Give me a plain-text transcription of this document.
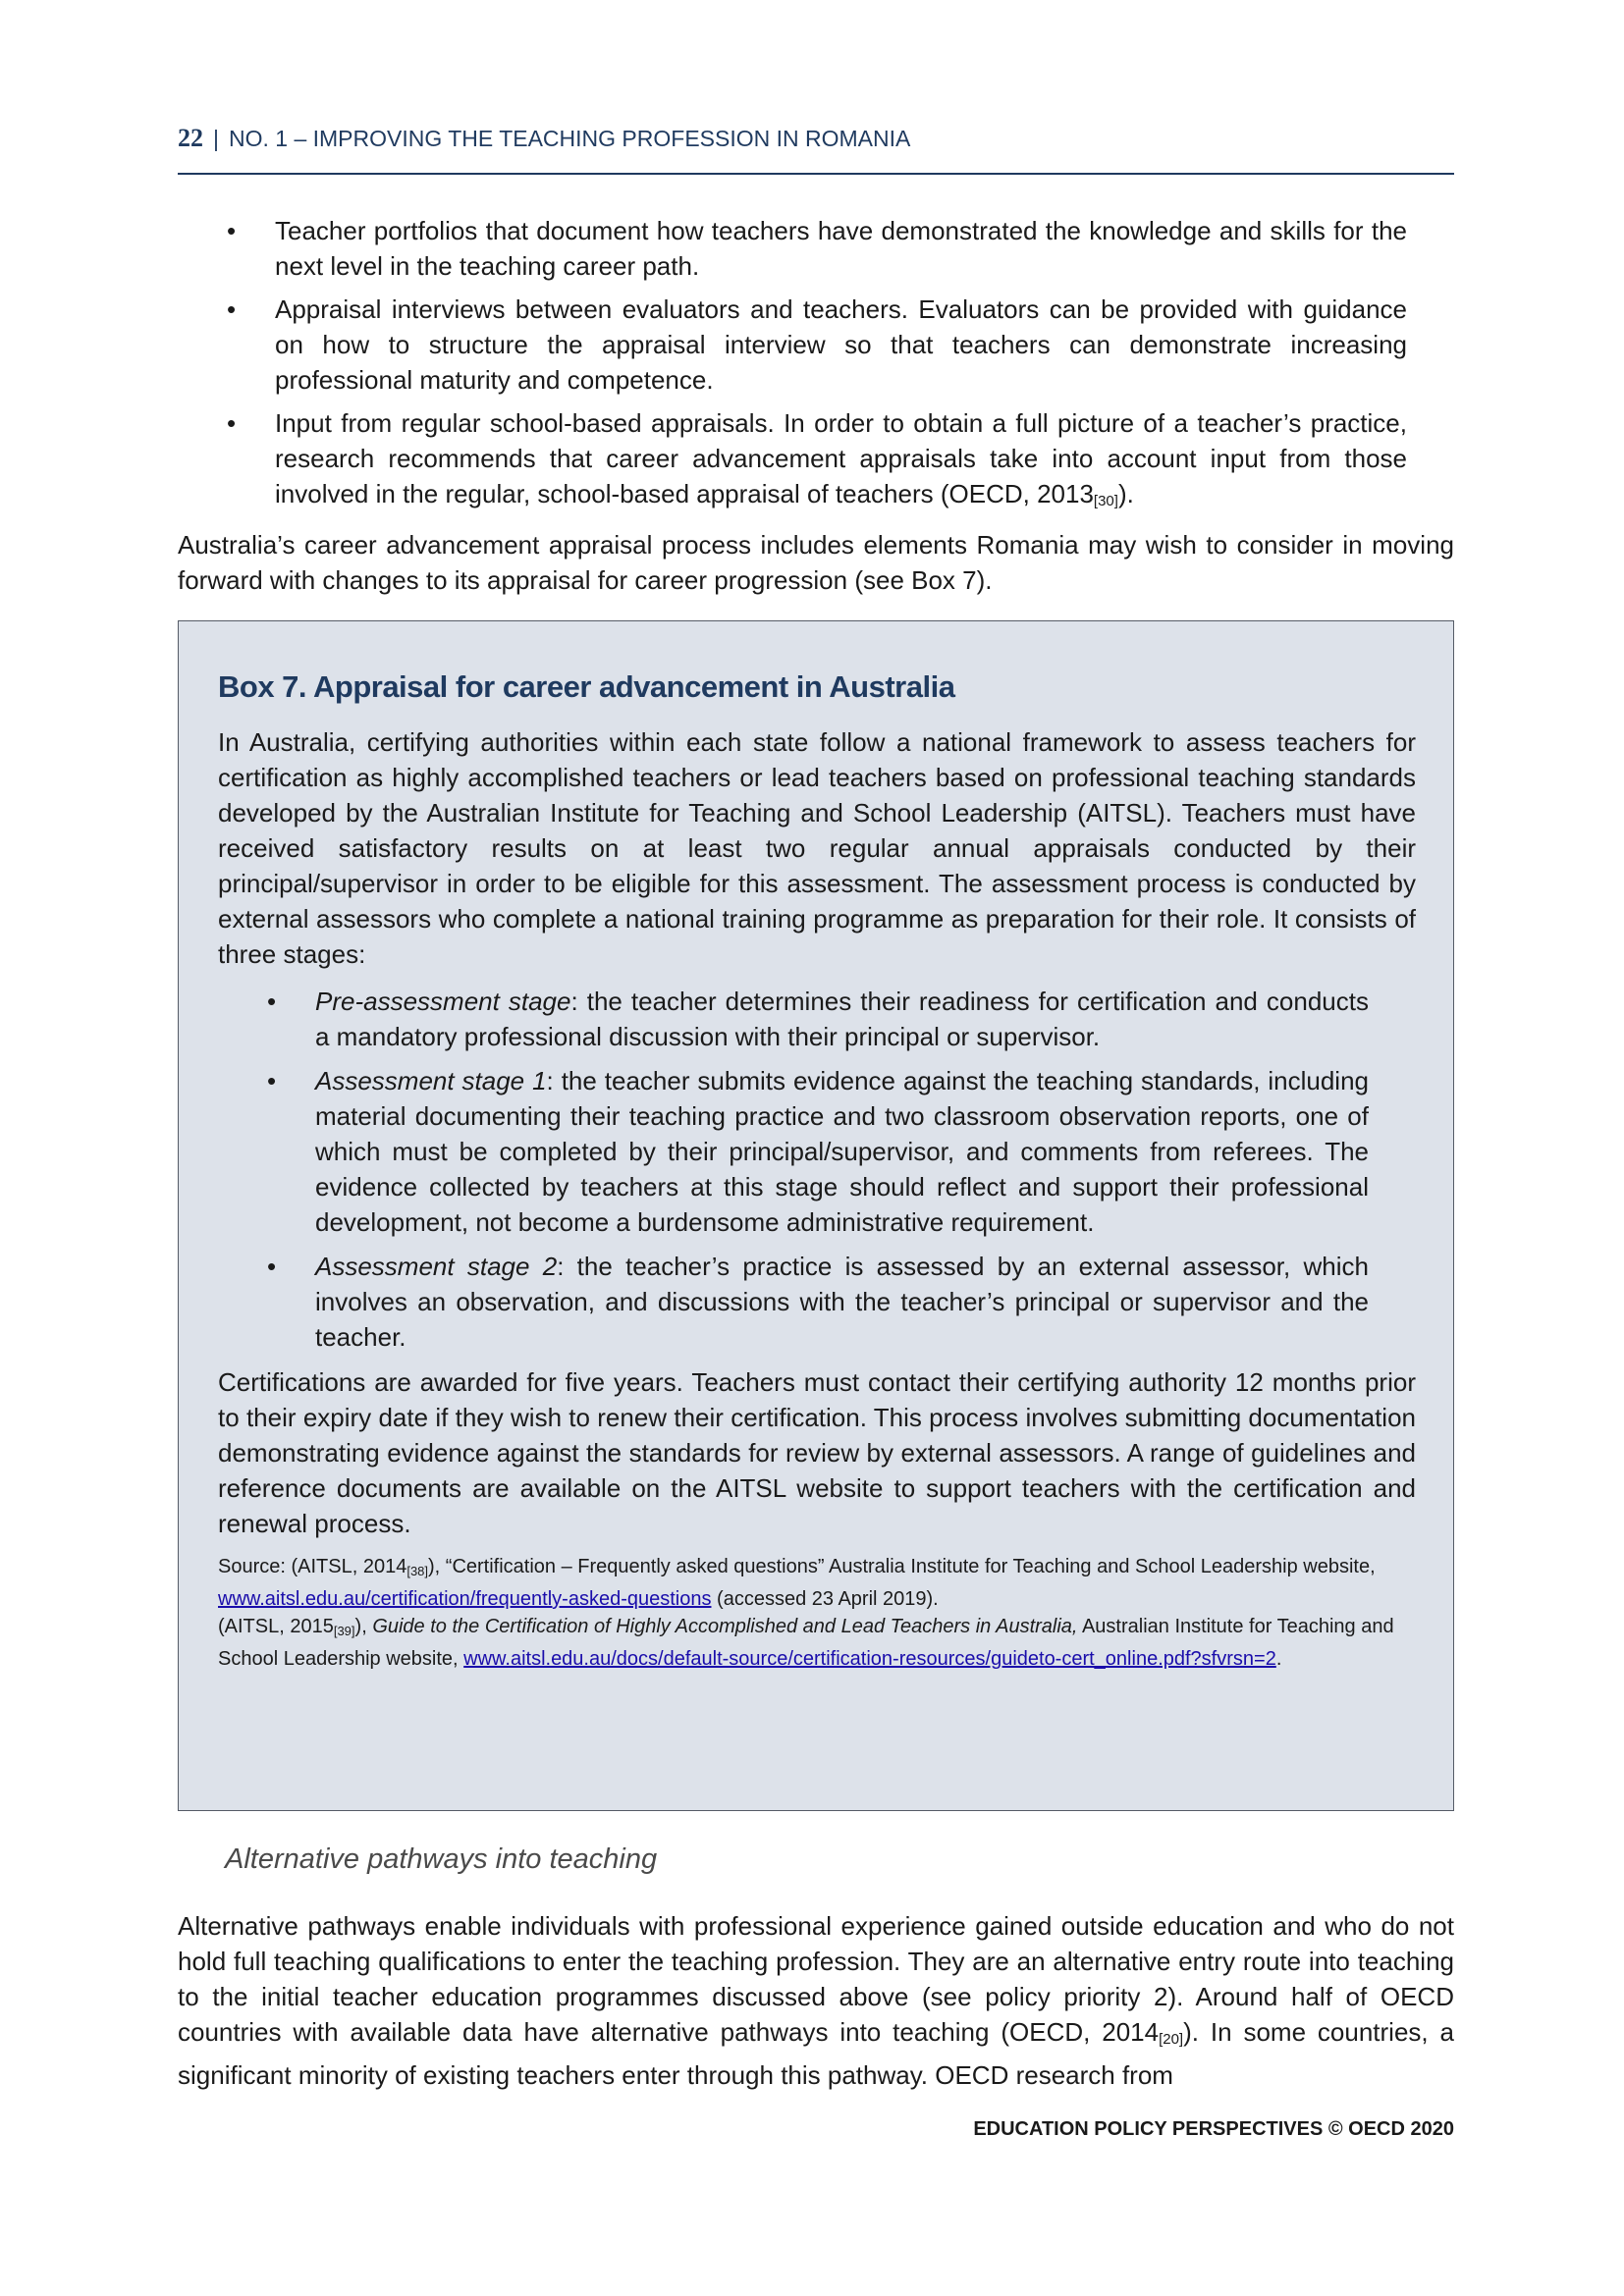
22 | NO. 1 – IMPROVING THE TEACHING PROFESSION IN ROMANIA
• Teacher portfolios that document how teachers have demonstrated the knowledge and skills for the next level in the teaching career path.
• Appraisal interviews between evaluators and teachers. Evaluators can be provided with guidance on how to structure the appraisal interview so that teachers can demonstrate increasing professional maturity and competence.
• Input from regular school-based appraisals. In order to obtain a full picture of a teacher’s practice, research recommends that career advancement appraisals take into account input from those involved in the regular, school-based appraisal of teachers (OECD, $2013_{[30]}$).

Australia’s career advancement appraisal process includes elements Romania may wish to consider in moving forward with changes to its appraisal for career progression (see Box 7).

Box 7. Appraisal for career advancement in Australia

In Australia, certifying authorities within each state follow a national framework to assess teachers for certification as highly accomplished teachers or lead teachers based on professional teaching standards developed by the Australian Institute for Teaching and School Leadership (AITSL). Teachers must have received satisfactory results on at least two regular annual appraisals conducted by their principal/supervisor in order to be eligible for this assessment. The assessment process is conducted by external assessors who complete a national training programme as preparation for their role. It consists of three stages:

• Pre-assessment stage: the teacher determines their readiness for certification and conducts a mandatory professional discussion with their principal or supervisor.
• Assessment stage 1: the teacher submits evidence against the teaching standards, including material documenting their teaching practice and two classroom observation reports, one of which must be completed by their principal/supervisor, and comments from referees. The evidence collected by teachers at this stage should reflect and support their professional development, not become a burdensome administrative requirement.
• Assessment stage 2: the teacher’s practice is assessed by an external assessor, which involves an observation, and discussions with the teacher’s principal or supervisor and the teacher.

Certifications are awarded for five years. Teachers must contact their certifying authority 12 months prior to their expiry date if they wish to renew their certification. This process involves submitting documentation demonstrating evidence against the standards for review by external assessors. A range of guidelines and reference documents are available on the AITSL website to support teachers with the certification and renewal process.

Source: (AITSL, $2014_{[38]}$), “Certification – Frequently asked questions” Australia Institute for Teaching and School Leadership website, www.aitsl.edu.au/certification/frequently-asked-questions (accessed 23 April 2019).
(AITSL, $2015_{[39]}$), Guide to the Certification of Highly Accomplished and Lead Teachers in Australia, Australian Institute for Teaching and School Leadership website, www.aitsl.edu.au/docs/default-source/certification-resources/guideto-cert_online.pdf?sfvrsn=2.
Alternative pathways into teaching
Alternative pathways enable individuals with professional experience gained outside education and who do not hold full teaching qualifications to enter the teaching profession. They are an alternative entry route into teaching to the initial teacher education programmes discussed above (see policy priority 2). Around half of OECD countries with available data have alternative pathways into teaching (OECD, $2014_{[20]}$). In some countries, a significant minority of existing teachers enter through this pathway. OECD research from
EDUCATION POLICY PERSPECTIVES © OECD 2020
